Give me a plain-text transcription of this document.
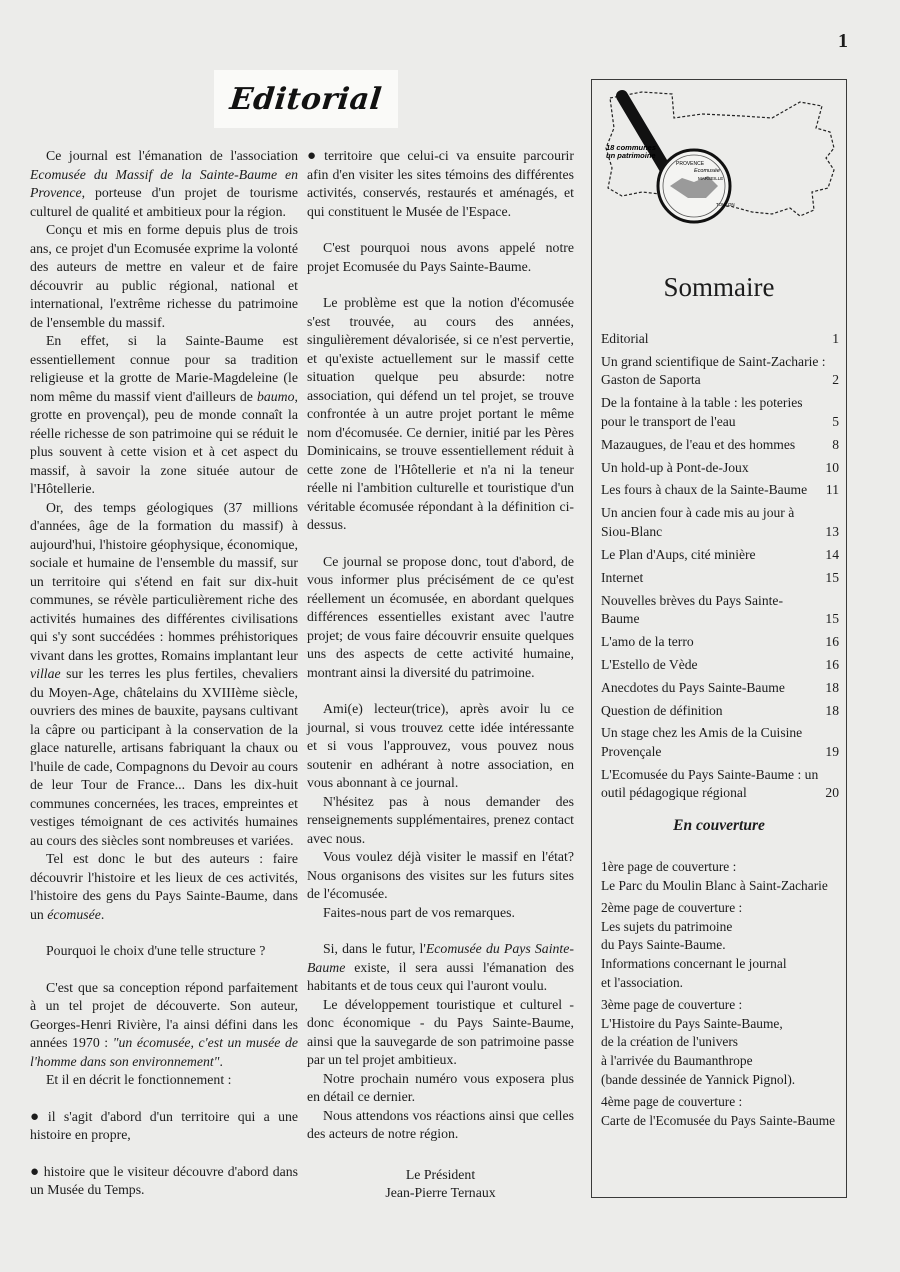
1
Editorial

Ce journal est l'émanation de l'association Ecomusée du Massif de la Sainte-Baume en Provence, porteuse d'un projet de tourisme culturel de qualité et ambitieux pour la région.

Conçu et mis en forme depuis plus de trois ans, ce projet d'un Ecomusée exprime la volonté des auteurs de mettre en valeur et de faire découvrir au public régional, national et international, l'extrême richesse du patrimoine de l'ensemble du massif.

En effet, si la Sainte-Baume est essentiellement connue pour sa tradition religieuse et la grotte de Marie-Magdeleine (le nom même du massif vient d'ailleurs de baumo, grotte en provençal), peu de monde connaît la réelle richesse de son patrimoine qui se réduit le plus souvent à cette vision et à cet aspect du massif, à savoir la zone située autour de l'Hôtellerie.

Or, des temps géologiques (37 millions d'années, âge de la formation du massif) à aujourd'hui, l'histoire géophysique, économique, sociale et humaine de l'ensemble du massif, sur un territoire qui s'étend en fait sur dix-huit communes, se révèle particulièrement riche des activités humaines des différentes civilisations qui s'y sont succédées : hommes préhistoriques vivant dans les grottes, Romains implantant leur villae sur les terres les plus fertiles, chevaliers du Moyen-Age, châtelains du XVIIIème siècle, ouvriers des mines de bauxite, paysans cultivant la câpre ou participant à la conservation de la glace naturelle, artisans fabriquant la chaux ou l'huile de cade, Compagnons du Devoir au cours de leur Tour de France... Dans les dix-huit communes concernées, les traces, empreintes et vestiges témoignant de ces activités humaines au cours des siècles sont nombreuses et variées.

Tel est donc le but des auteurs : faire découvrir l'histoire et les lieux de ces activités, l'histoire des gens du Pays Sainte-Baume, dans un écomusée.

Pourquoi le choix d'une telle structure ?

C'est que sa conception répond parfaitement à un tel projet de découverte. Son auteur, Georges-Henri Rivière, l'a ainsi défini dans les années 1970 : "un écomusée, c'est un musée de l'homme dans son environnement".

Et il en décrit le fonctionnement :

● il s'agit d'abord d'un territoire qui a une histoire en propre,

● histoire que le visiteur découvre d'abord dans un Musée du Temps.

● territoire que celui-ci va ensuite parcourir afin d'en visiter les sites témoins des différentes activités, conservés, restaurés et aménagés, et qui constituent le Musée de l'Espace.

C'est pourquoi nous avons appelé notre projet Ecomusée du Pays Sainte-Baume.

Le problème est que la notion d'écomusée s'est trouvée, au cours des années, singulièrement dévalorisée, si ce n'est pervertie, et qu'existe actuellement sur le massif cette situation quelque peu absurde: notre association, qui défend un tel projet, se trouve confrontée à un autre projet portant le même nom d'écomusée. Ce dernier, initié par les Pères Dominicains, se trouve essentiellement réduit à cette zone de l'Hôtellerie et n'a ni la teneur réelle ni l'ambition culturelle et touristique d'un véritable écomusée répondant à la définition ci-dessus.

Ce journal se propose donc, tout d'abord, de vous informer plus précisément de ce qu'est réellement un écomusée, en abordant quelques différences essentielles existant avec l'autre projet; de vous faire découvrir ensuite quelques uns des aspects de cette activité humaine, montrant ainsi la diversité du patrimoine.

Ami(e) lecteur(trice), après avoir lu ce journal, si vous trouvez cette idée intéressante et si vous l'approuvez, vous pouvez nous soutenir en adhérant à notre association, en vous abonnant à ce journal.

N'hésitez pas à nous demander des renseignements supplémentaires, prenez contact avec nous.

Vous voulez déjà visiter le massif en l'état? Nous organisons des visites sur les futurs sites de l'écomusée.

Faites-nous part de vos remarques.

Si, dans le futur, l'Ecomusée du Pays Sainte-Baume existe, il sera aussi l'émanation des habitants et de tous ceux qui l'auront voulu.

Le développement touristique et culturel - donc économique - du Pays Sainte-Baume, ainsi que la sauvegarde de son patrimoine passe par un tel projet ambitieux.

Notre prochain numéro vous exposera plus en détail ce dernier.

Nous attendons vos réactions ainsi que celles des acteurs de notre région.

Le Président
Jean-Pierre Ternaux
18 communes
un patrimoine
PROVENCE
Ecomusée
MARSEILLE
TOULON
Sommaire
Editorial	1
Un grand scientifique de Saint-Zacharie : Gaston de Saporta	2
De la fontaine à la table : les poteries pour le transport de l'eau	5
Mazaugues, de l'eau et des hommes	8
Un hold-up à Pont-de-Joux	10
Les fours à chaux de la Sainte-Baume	11
Un ancien four à cade mis au jour à Siou-Blanc	13
Le Plan d'Aups, cité minière	14
Internet	15
Nouvelles brèves du Pays Sainte-Baume	15
L'amo de la terro	16
L'Estello de Vède	16
Anecdotes du Pays Sainte-Baume	18
Question de définition	18
Un stage chez les Amis de la Cuisine Provençale	19
L'Ecomusée du Pays Sainte-Baume : un outil pédagogique régional	20
En couverture
1ère page de couverture :
Le Parc du Moulin Blanc à Saint-Zacharie
2ème page de couverture :
Les sujets du patrimoine
du Pays Sainte-Baume.
Informations concernant le journal
et l'association.
3ème page de couverture :
L'Histoire du Pays Sainte-Baume,
de la création de l'univers
à l'arrivée du Baumanthrope
(bande dessinée de Yannick Pignol).
4ème page de couverture :
Carte de l'Ecomusée du Pays Sainte-Baume
